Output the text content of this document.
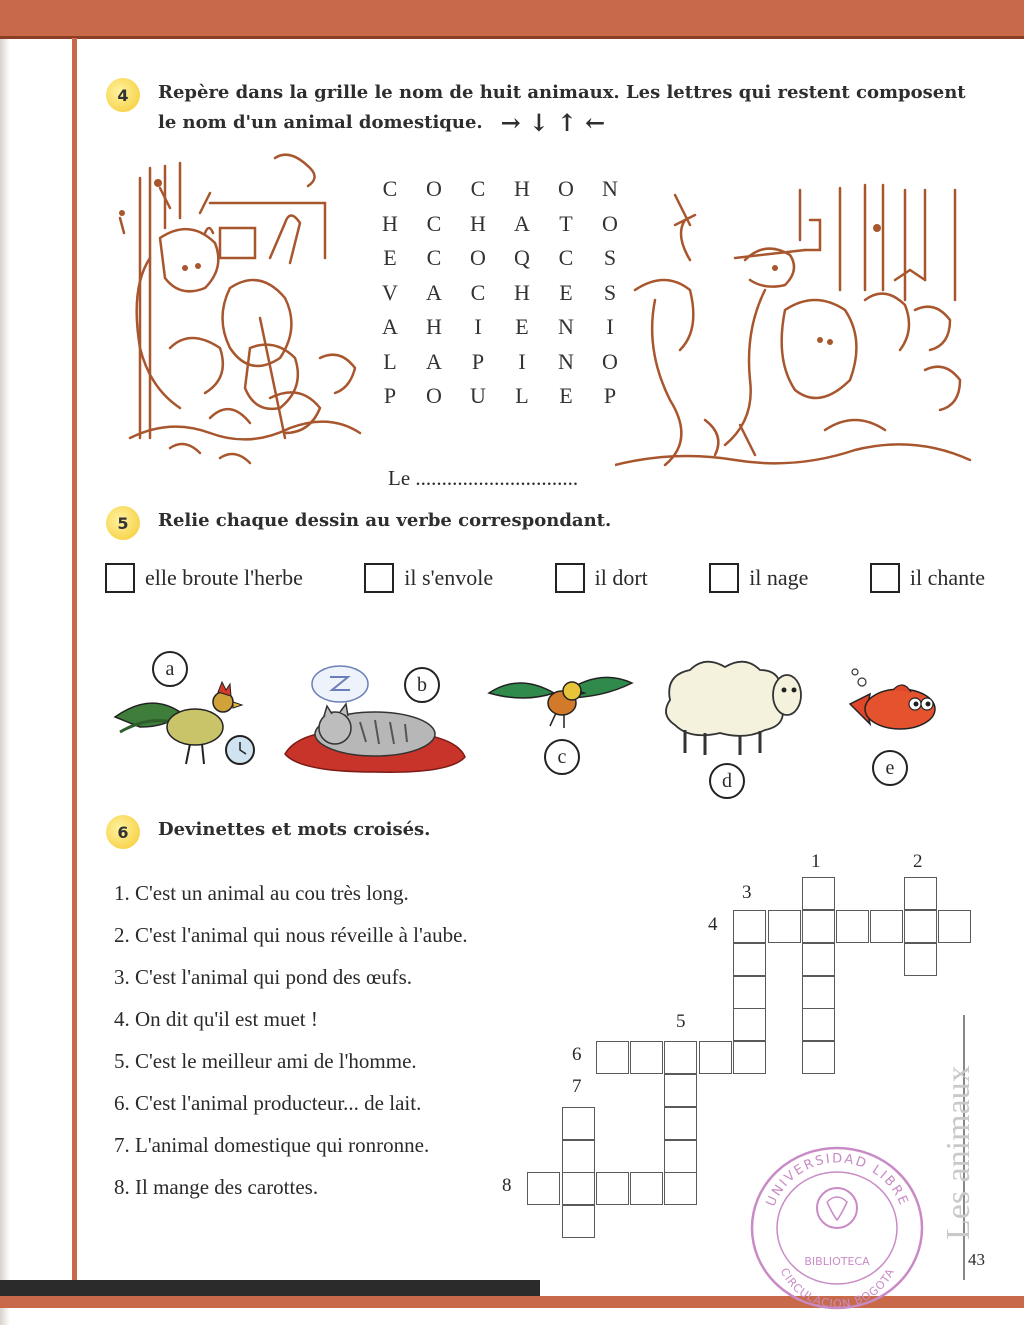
4 Repère dans la grille le nom de huit animaux. Les lettres qui restent composent
le nom d'un animal domestique. →↓↑←
C	O	C	H	O	N
H	C	H	A	T	O
E	C	O	Q	C	S
V	A	C	H	E	S
A	H	I	E	N	I
L	A	P	I	N	O
P	O	U	L	E	P
Le ...............................
5 Relie chaque dessin au verbe correspondant.
elle broute l'herbe	il s'envole	il dort	il nage	il chante
a
b
c
d
e
6 Devinettes et mots croisés.
1. C'est un animal au cou très long.
2. C'est l'animal qui nous réveille à l'aube.
3. C'est l'animal qui pond des œufs.
4. On dit qu'il est muet !
5. C'est le meilleur ami de l'homme.
6. C'est l'animal producteur... de lait.
7. L'animal domestique qui ronronne.
8. Il mange des carottes.
1	2
3
4
5
6
7
8
UNIVERSIDAD LIBRE
BIBLIOTECA
CIRCULACION BOGOTA
Les animaux
43
